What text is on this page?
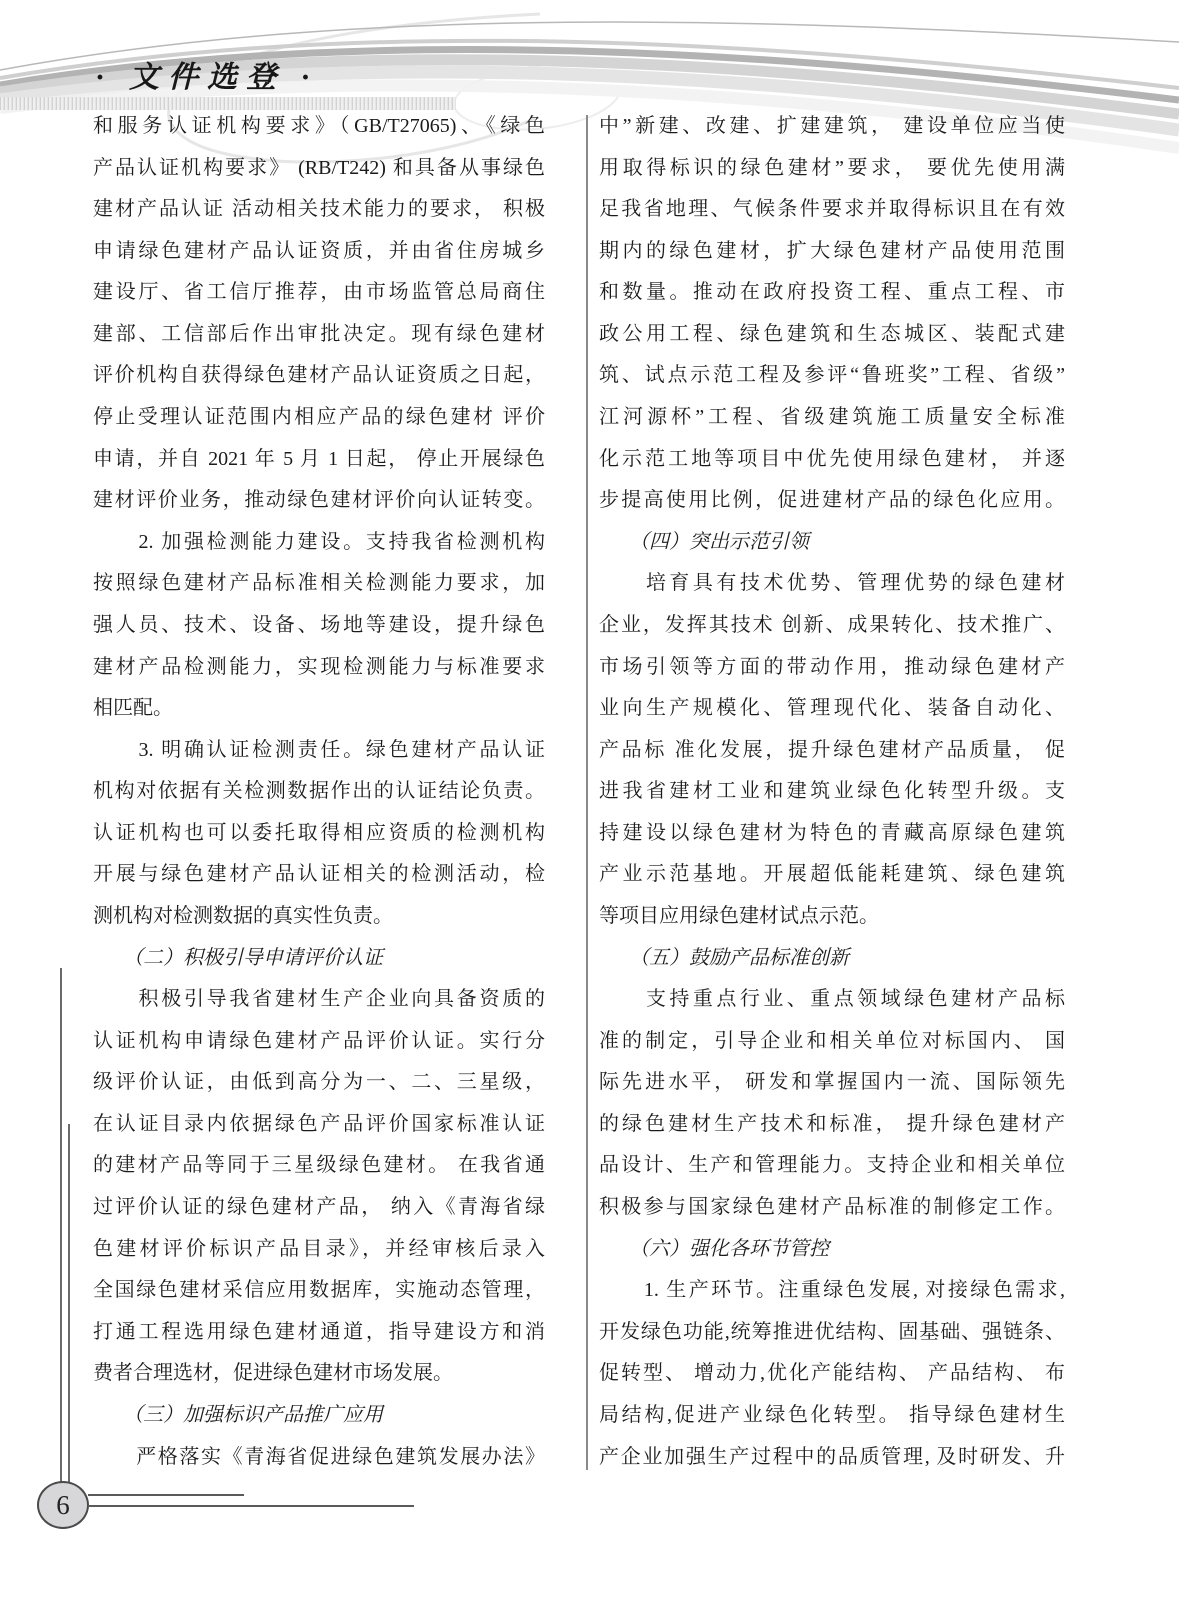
· 文件选登 ·
和服务认证机构要求》（GB/T27065)、《绿色
产品认证机构要求》 (RB/T242) 和具备从事绿色
建材产品认证 活动相关技术能力的要求， 积极
申请绿色建材产品认证资质，并由省住房城乡
建设厅、省工信厅推荐，由市场监管总局商住
建部、工信部后作出审批决定。现有绿色建材
评价机构自获得绿色建材产品认证资质之日起，
停止受理认证范围内相应产品的绿色建材 评价
申请，并自 2021 年 5 月 1 日起， 停止开展绿色
建材评价业务，推动绿色建材评价向认证转变。
　　2. 加强检测能力建设。支持我省检测机构
按照绿色建材产品标准相关检测能力要求，加
强人员、技术、设备、场地等建设，提升绿色
建材产品检测能力，实现检测能力与标准要求
相匹配。
　　3. 明确认证检测责任。绿色建材产品认证
机构对依据有关检测数据作出的认证结论负责。
认证机构也可以委托取得相应资质的检测机构
开展与绿色建材产品认证相关的检测活动，检
测机构对检测数据的真实性负责。
　　（二）积极引导申请评价认证
　　积极引导我省建材生产企业向具备资质的
认证机构申请绿色建材产品评价认证。实行分
级评价认证，由低到高分为一、二、三星级，
在认证目录内依据绿色产品评价国家标准认证
的建材产品等同于三星级绿色建材。 在我省通
过评价认证的绿色建材产品， 纳入《青海省绿
色建材评价标识产品目录》，并经审核后录入
全国绿色建材采信应用数据库，实施动态管理，
打通工程选用绿色建材通道，指导建设方和消
费者合理选材，促进绿色建材市场发展。
　　（三）加强标识产品推广应用
　　严格落实《青海省促进绿色建筑发展办法》
中”新建、改建、扩建建筑， 建设单位应当使
用取得标识的绿色建材”要求， 要优先使用满
足我省地理、气候条件要求并取得标识且在有效
期内的绿色建材，扩大绿色建材产品使用范围
和数量。推动在政府投资工程、重点工程、市
政公用工程、绿色建筑和生态城区、装配式建
筑、试点示范工程及参评“鲁班奖”工程、省级”
江河源杯”工程、省级建筑施工质量安全标准
化示范工地等项目中优先使用绿色建材， 并逐
步提高使用比例，促进建材产品的绿色化应用。
　　（四）突出示范引领
　　培育具有技术优势、管理优势的绿色建材
企业，发挥其技术 创新、成果转化、技术推广、
市场引领等方面的带动作用，推动绿色建材产
业向生产规模化、管理现代化、装备自动化、
产品标 准化发展，提升绿色建材产品质量， 促
进我省建材工业和建筑业绿色化转型升级。支
持建设以绿色建材为特色的青藏高原绿色建筑
产业示范基地。开展超低能耗建筑、绿色建筑
等项目应用绿色建材试点示范。
　　（五）鼓励产品标准创新
　　支持重点行业、重点领域绿色建材产品标
准的制定，引导企业和相关单位对标国内、 国
际先进水平， 研发和掌握国内一流、国际领先
的绿色建材生产技术和标准， 提升绿色建材产
品设计、生产和管理能力。支持企业和相关单位
积极参与国家绿色建材产品标准的制修定工作。
　　（六）强化各环节管控
　　1. 生产环节。注重绿色发展, 对接绿色需求,
开发绿色功能,统筹推进优结构、固基础、强链条、
促转型、 增动力,优化产能结构、 产品结构、 布
局结构,促进产业绿色化转型。 指导绿色建材生
产企业加强生产过程中的品质管理, 及时研发、升
6
